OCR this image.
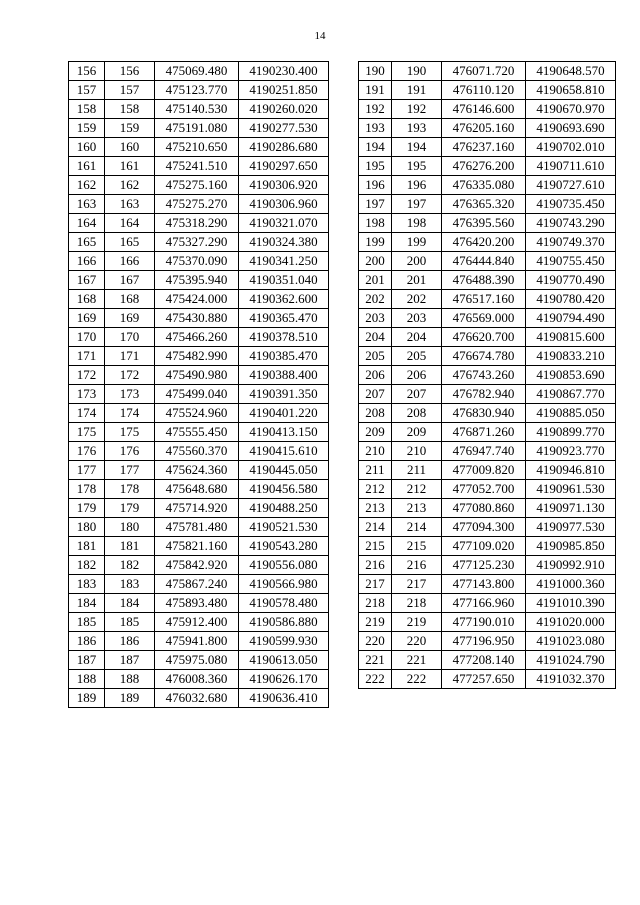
14
156	156	475069.480	4190230.400
157	157	475123.770	4190251.850
158	158	475140.530	4190260.020
159	159	475191.080	4190277.530
160	160	475210.650	4190286.680
161	161	475241.510	4190297.650
162	162	475275.160	4190306.920
163	163	475275.270	4190306.960
164	164	475318.290	4190321.070
165	165	475327.290	4190324.380
166	166	475370.090	4190341.250
167	167	475395.940	4190351.040
168	168	475424.000	4190362.600
169	169	475430.880	4190365.470
170	170	475466.260	4190378.510
171	171	475482.990	4190385.470
172	172	475490.980	4190388.400
173	173	475499.040	4190391.350
174	174	475524.960	4190401.220
175	175	475555.450	4190413.150
176	176	475560.370	4190415.610
177	177	475624.360	4190445.050
178	178	475648.680	4190456.580
179	179	475714.920	4190488.250
180	180	475781.480	4190521.530
181	181	475821.160	4190543.280
182	182	475842.920	4190556.080
183	183	475867.240	4190566.980
184	184	475893.480	4190578.480
185	185	475912.400	4190586.880
186	186	475941.800	4190599.930
187	187	475975.080	4190613.050
188	188	476008.360	4190626.170
189	189	476032.680	4190636.410
190	190	476071.720	4190648.570
191	191	476110.120	4190658.810
192	192	476146.600	4190670.970
193	193	476205.160	4190693.690
194	194	476237.160	4190702.010
195	195	476276.200	4190711.610
196	196	476335.080	4190727.610
197	197	476365.320	4190735.450
198	198	476395.560	4190743.290
199	199	476420.200	4190749.370
200	200	476444.840	4190755.450
201	201	476488.390	4190770.490
202	202	476517.160	4190780.420
203	203	476569.000	4190794.490
204	204	476620.700	4190815.600
205	205	476674.780	4190833.210
206	206	476743.260	4190853.690
207	207	476782.940	4190867.770
208	208	476830.940	4190885.050
209	209	476871.260	4190899.770
210	210	476947.740	4190923.770
211	211	477009.820	4190946.810
212	212	477052.700	4190961.530
213	213	477080.860	4190971.130
214	214	477094.300	4190977.530
215	215	477109.020	4190985.850
216	216	477125.230	4190992.910
217	217	477143.800	4191000.360
218	218	477166.960	4191010.390
219	219	477190.010	4191020.000
220	220	477196.950	4191023.080
221	221	477208.140	4191024.790
222	222	477257.650	4191032.370
